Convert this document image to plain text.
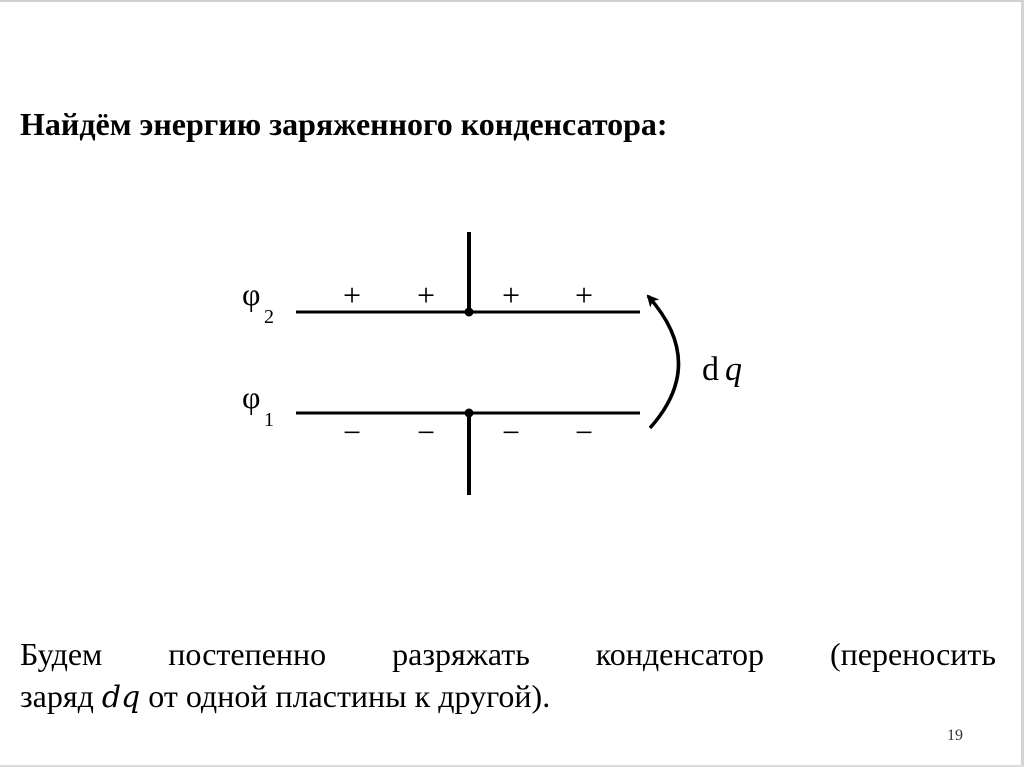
Найдём энергию заряженного конденсатора:
φ
2
φ
1
+ + + +
− − − −
d q
Будем постепенно разряжать конденсатор (переносить
заряд dq от одной пластины к другой).
19
